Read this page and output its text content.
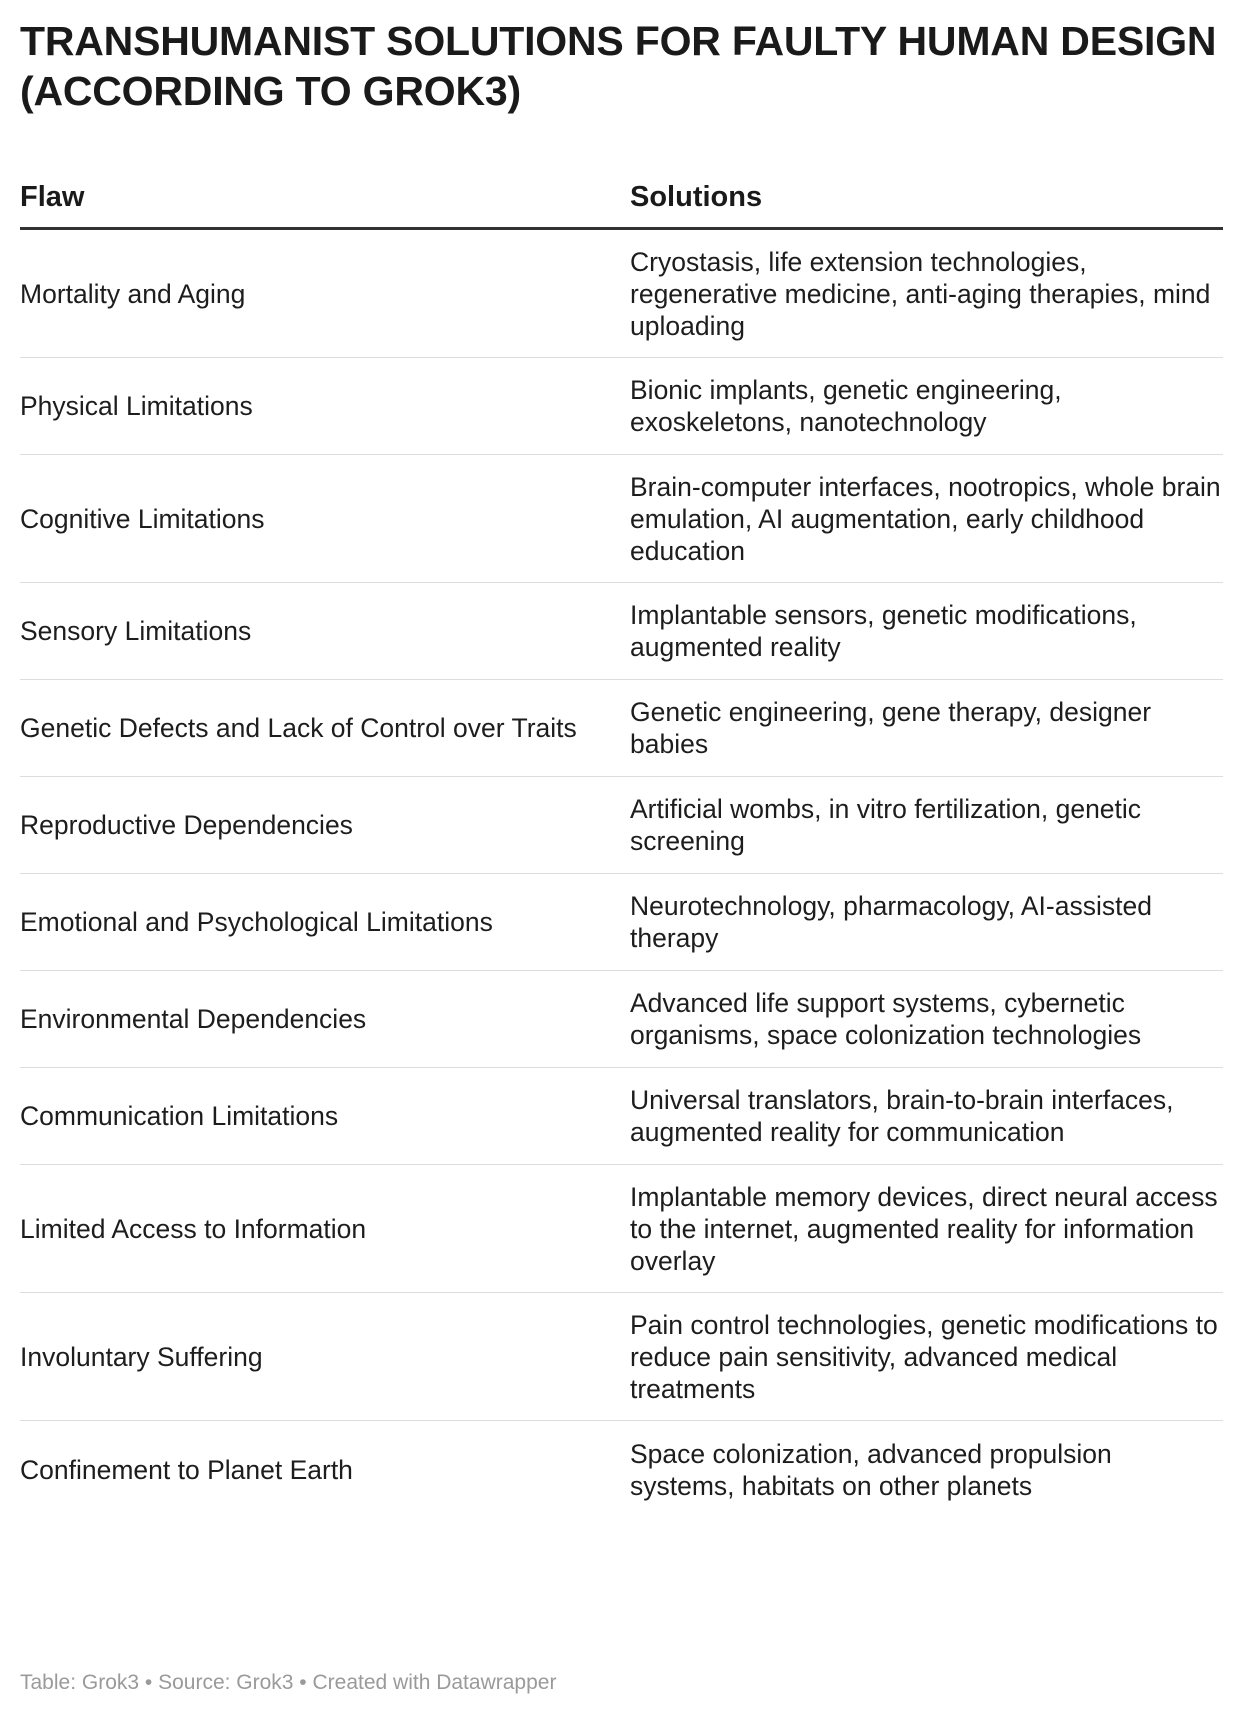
TRANSHUMANIST SOLUTIONS FOR FAULTY HUMAN DESIGN (ACCORDING TO GROK3)
Flaw	Solutions
Mortality and Aging
Cryostasis, life extension technologies, regenerative medicine, anti-aging therapies, mind uploading
Physical Limitations
Bionic implants, genetic engineering, exoskeletons, nanotechnology
Cognitive Limitations
Brain-computer interfaces, nootropics, whole brain emulation, AI augmentation, early childhood education
Sensory Limitations
Implantable sensors, genetic modifications, augmented reality
Genetic Defects and Lack of Control over Traits
Genetic engineering, gene therapy, designer babies
Reproductive Dependencies
Artificial wombs, in vitro fertilization, genetic screening
Emotional and Psychological Limitations
Neurotechnology, pharmacology, AI-assisted therapy
Environmental Dependencies
Advanced life support systems, cybernetic organisms, space colonization technologies
Communication Limitations
Universal translators, brain-to-brain interfaces, augmented reality for communication
Limited Access to Information
Implantable memory devices, direct neural access to the internet, augmented reality for information overlay
Involuntary Suffering
Pain control technologies, genetic modifications to reduce pain sensitivity, advanced medical treatments
Confinement to Planet Earth
Space colonization, advanced propulsion systems, habitats on other planets
Table: Grok3 • Source: Grok3 • Created with Datawrapper
